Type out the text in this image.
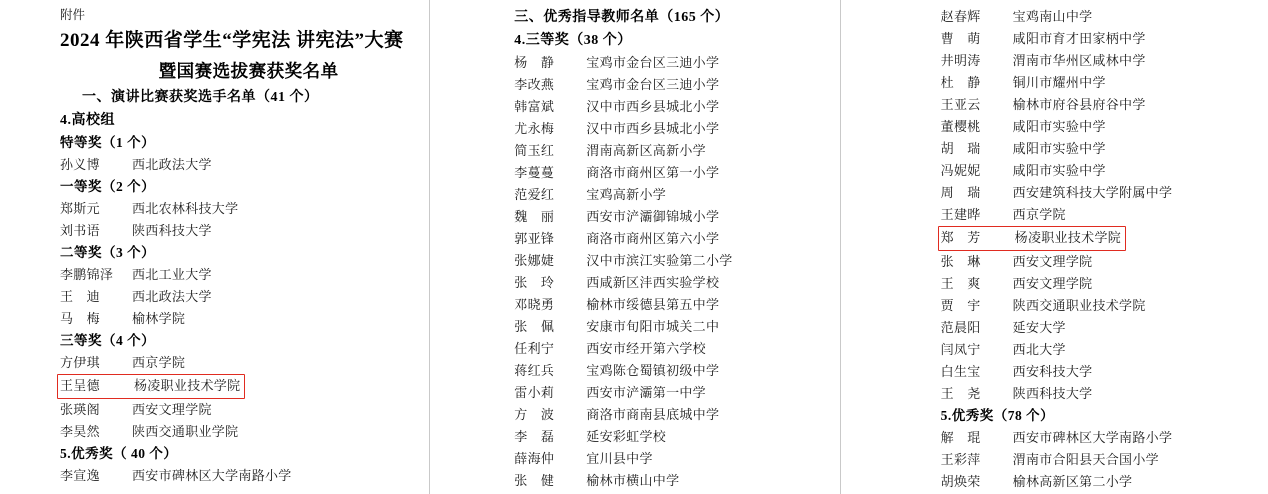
附件
2024 年陕西省学生“学宪法 讲宪法”大赛
暨国赛选拔赛获奖名单
一、演讲比赛获奖选手名单（41 个）
4.高校组
特等奖（1 个）
孙义博	西北政法大学
一等奖（2 个）
郑斯元	西北农林科技大学
刘书语	陕西科技大学
二等奖（3 个）
李鹏锦泽	西北工业大学
王　迪	西北政法大学
马　梅	榆林学院
三等奖（4 个）
方伊琪	西京学院
王呈德	杨凌职业技术学院
张瑛阁	西安文理学院
李昊然	陕西交通职业学院
5.优秀奖（ 40 个）
李宣逸	西安市碑林区大学南路小学
三、优秀指导教师名单（165 个）
4.三等奖（38 个）
杨　静	宝鸡市金台区三迪小学
李改燕	宝鸡市金台区三迪小学
韩富斌	汉中市西乡县城北小学
尤永梅	汉中市西乡县城北小学
简玉红	渭南高新区高新小学
李蔓蔓	商洛市商州区第一小学
范爱红	宝鸡高新小学
魏　丽	西安市浐灞御锦城小学
郭亚锋	商洛市商州区第六小学
张娜婕	汉中市滨江实验第二小学
张　玲	西咸新区沣西实验学校
邓晓勇	榆林市绥德县第五中学
张　佩	安康市旬阳市城关二中
任利宁	西安市经开第六学校
蒋红兵	宝鸡陈仓蜀镇初级中学
雷小莉	西安市浐灞第一中学
方　波	商洛市商南县底城中学
李　磊	延安彩虹学校
薛海仲	宜川县中学
张　健	榆林市横山中学
赵春辉	宝鸡南山中学
曹　萌	咸阳市育才田家柄中学
井明涛	渭南市华州区咸林中学
杜　静	铜川市耀州中学
王亚云	榆林市府谷县府谷中学
董樱桃	咸阳市实验中学
胡　瑞	咸阳市实验中学
冯妮妮	咸阳市实验中学
周　瑞	西安建筑科技大学附属中学
王建晔	西京学院
郑　芳	杨凌职业技术学院
张　琳	西安文理学院
王　爽	西安文理学院
贾　宇	陕西交通职业技术学院
范晨阳	延安大学
闫凤宁	西北大学
白生宝	西安科技大学
王　尧	陕西科技大学
5.优秀奖（78 个）
解　琨	西安市碑林区大学南路小学
王彩萍	渭南市合阳县天合国小学
胡焕荣	榆林高新区第二小学
